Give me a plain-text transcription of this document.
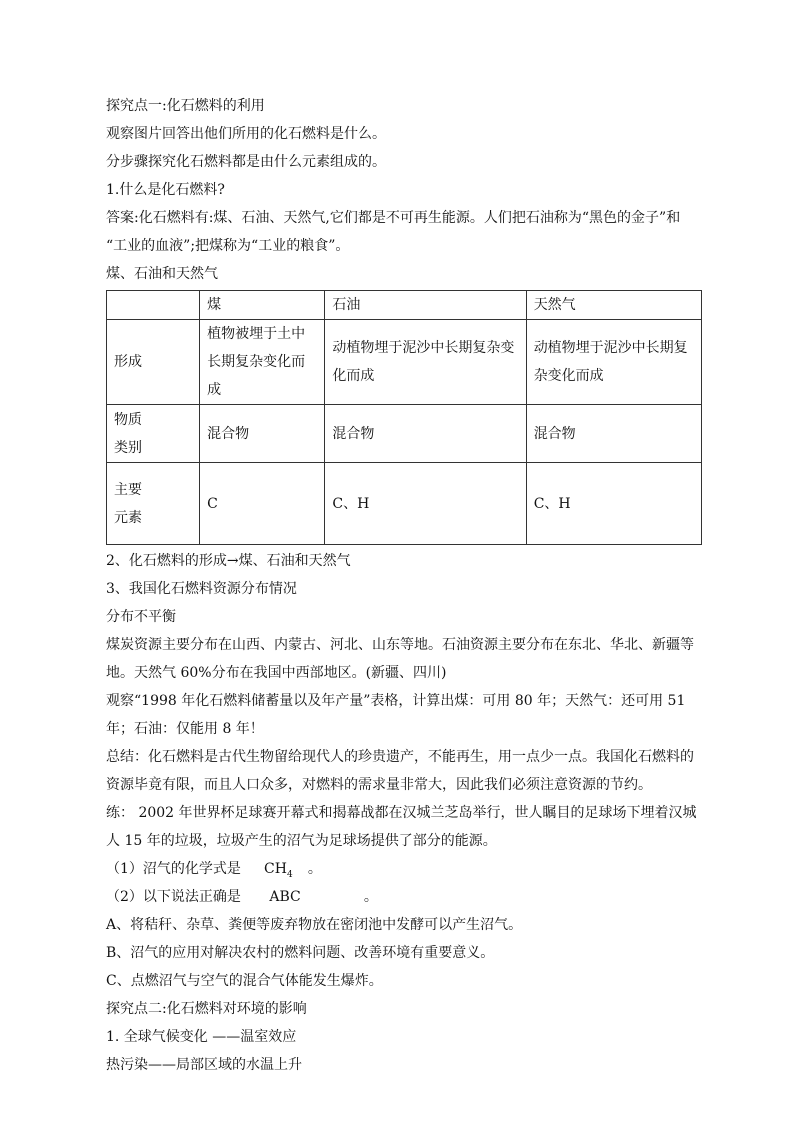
探究点一:化石燃料的利用
观察图片回答出他们所用的化石燃料是什么。
分步骤探究化石燃料都是由什么元素组成的。
1.什么是化石燃料?
答案:化石燃料有:煤、石油、天然气,它们都是不可再生能源。人们把石油称为“黑色的金子”和
“工业的血液”;把煤称为“工业的粮食”。
煤、石油和天然气
	煤	石油	天然气
形成	植物被埋于土中长期复杂变化而成	动植物埋于泥沙中长期复杂变化而成	动植物埋于泥沙中长期复杂变化而成

物质类别	混合物	混合物	混合物

主要元素	C	C、H	C、H
2、化石燃料的形成→煤、石油和天然气
3、我国化石燃料资源分布情况
分布不平衡
煤炭资源主要分布在山西、内蒙古、河北、山东等地。石油资源主要分布在东北、华北、新疆等
地。天然气 60%分布在我国中西部地区。(新疆、四川)
观察“1998 年化石燃料储蓄量以及年产量”表格，计算出煤：可用 80 年；天然气：还可用 51
年；石油：仅能用 8 年！
总结：化石燃料是古代生物留给现代人的珍贵遗产，不能再生，用一点少一点。我国化石燃料的
资源毕竟有限，而且人口众多，对燃料的需求量非常大，因此我们必须注意资源的节约。
练： 2002 年世界杯足球赛开幕式和揭幕战都在汉城兰芝岛举行，世人瞩目的足球场下埋着汉城
人 15 年的垃圾，垃圾产生的沼气为足球场提供了部分的能源。
（1）沼气的化学式是 $CH_4$ 。
（2）以下说法正确是 ABC	。
A、将秸秆、杂草、粪便等废弃物放在密闭池中发酵可以产生沼气。
B、沼气的应用对解决农村的燃料问题、改善环境有重要意义。
C、点燃沼气与空气的混合气体能发生爆炸。
探究点二:化石燃料对环境的影响
1. 全球气候变化 ——温室效应
热污染——局部区域的水温上升
